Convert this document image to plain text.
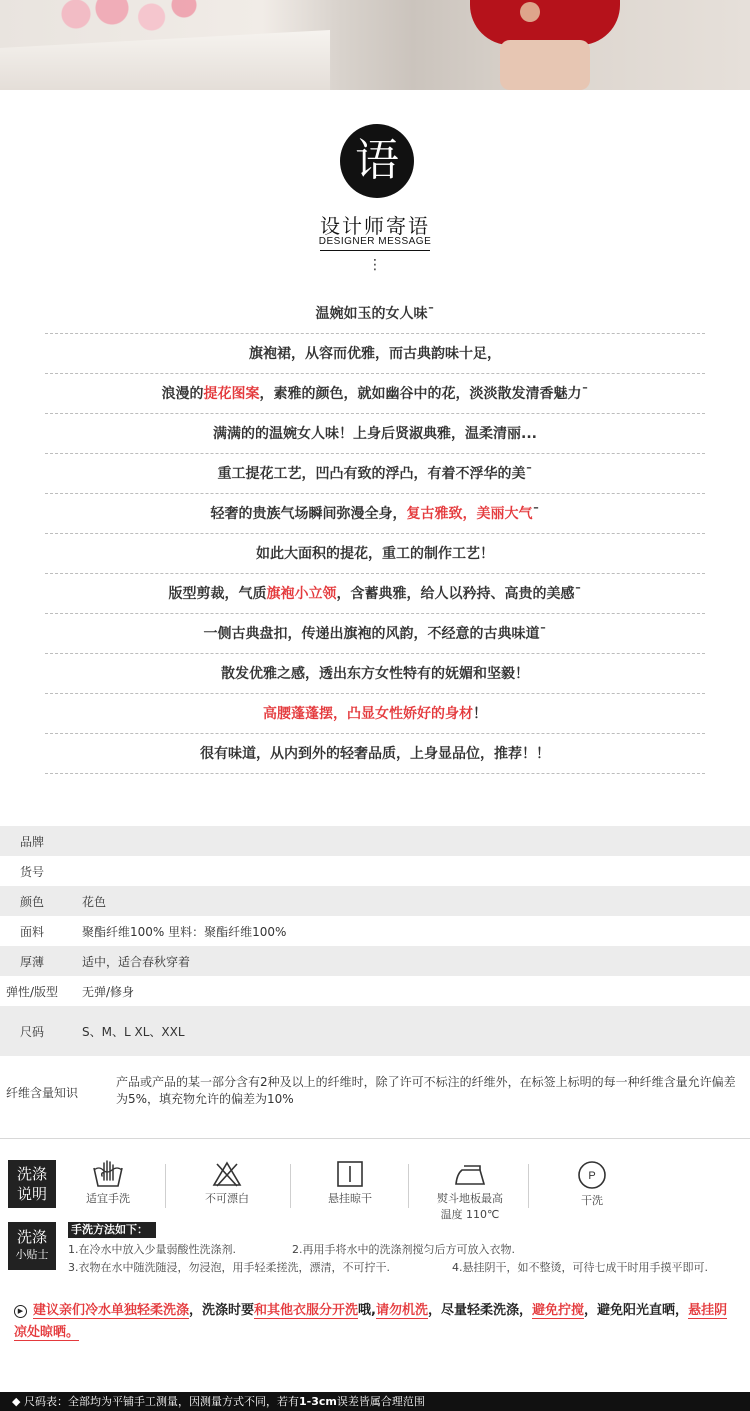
语
设计师寄语
DESIGNER MESSAGE
⋮
温婉如玉的女人味¯
旗袍裙，从容而优雅，而古典韵味十足，
浪漫的提花图案，素雅的颜色，就如幽谷中的花，淡淡散发清香魅力¯
满满的的温婉女人味！上身后贤淑典雅，温柔清丽...
重工提花工艺，凹凸有致的浮凸，有着不浮华的美¯
轻奢的贵族气场瞬间弥漫全身，复古雅致，美丽大气¯
如此大面积的提花，重工的制作工艺！
版型剪裁，气质旗袍小立领，含蓄典雅，给人以矜持、高贵的美感¯
一侧古典盘扣，传递出旗袍的风韵，不经意的古典味道¯
散发优雅之感，透出东方女性特有的妩媚和坚毅！
高腰蓬蓬摆，凸显女性娇好的身材！
很有味道，从内到外的轻奢品质，上身显品位，推荐！！
品牌
货号
颜色	花色
面料	聚酯纤维100% 里料：聚酯纤维100%
厚薄	适中，适合春秋穿着
弹性/版型	无弹/修身
尺码	S、M、L XL、XXL
纤维含量知识
产品或产品的某一部分含有2种及以上的纤维时，除了许可不标注的纤维外，在标签上标明的每一种纤维含量允许偏差为5%，填充物允许的偏差为10%
洗涤
说明	适宜手洗	不可漂白	悬挂晾干	熨斗地板最高
温度 110℃
P
干洗
洗涤
小贴士
手洗方法如下：
1.在冷水中放入少量弱酸性洗涤剂.	2.再用手将水中的洗涤剂搅匀后方可放入衣物.
3.衣物在水中随洗随浸，勿浸泡，用手轻柔搓洗，漂清，不可拧干.	4.悬挂阴干，如不整烫，可待七成干时用手摸平即可.
▶ 建议亲们冷水单独轻柔洗涤，洗涤时要和其他衣服分开洗哦,请勿机洗，尽量轻柔洗涤，避免拧搅，避免阳光直晒，悬挂阴凉处晾晒。
◆ 尺码表：全部均为平铺手工测量，因测量方式不同，若有1-3cm误差皆属合理范围
